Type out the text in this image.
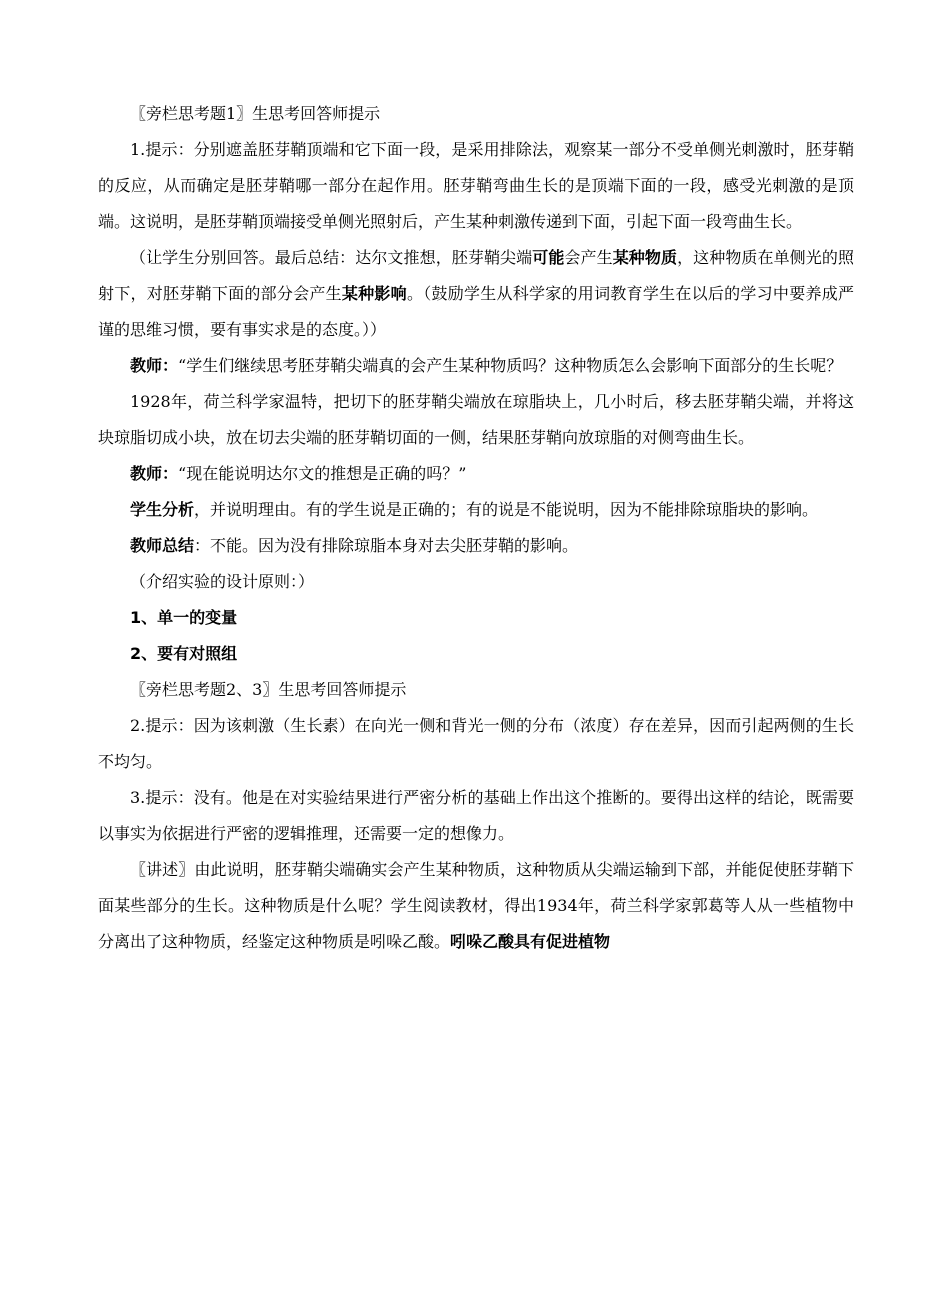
〖旁栏思考题1〗生思考回答师提示

1.提示：分别遮盖胚芽鞘顶端和它下面一段，是采用排除法，观察某一部分不受单侧光刺激时，胚芽鞘的反应，从而确定是胚芽鞘哪一部分在起作用。胚芽鞘弯曲生长的是顶端下面的一段，感受光刺激的是顶端。这说明，是胚芽鞘顶端接受单侧光照射后，产生某种刺激传递到下面，引起下面一段弯曲生长。

（让学生分别回答。最后总结：达尔文推想，胚芽鞘尖端可能会产生某种物质，这种物质在单侧光的照射下，对胚芽鞘下面的部分会产生某种影响。（鼓励学生从科学家的用词教育学生在以后的学习中要养成严谨的思维习惯，要有事实求是的态度。））

教师：“学生们继续思考胚芽鞘尖端真的会产生某种物质吗？这种物质怎么会影响下面部分的生长呢？

1928年，荷兰科学家温特，把切下的胚芽鞘尖端放在琼脂块上，几小时后，移去胚芽鞘尖端，并将这块琼脂切成小块，放在切去尖端的胚芽鞘切面的一侧，结果胚芽鞘向放琼脂的对侧弯曲生长。

教师：“现在能说明达尔文的推想是正确的吗？”

学生分析，并说明理由。有的学生说是正确的；有的说是不能说明，因为不能排除琼脂块的影响。

教师总结：不能。因为没有排除琼脂本身对去尖胚芽鞘的影响。

（介绍实验的设计原则：）

1、单一的变量

2、要有对照组

〖旁栏思考题2、3〗生思考回答师提示

2.提示：因为该刺激（生长素）在向光一侧和背光一侧的分布（浓度）存在差异，因而引起两侧的生长不均匀。

3.提示：没有。他是在对实验结果进行严密分析的基础上作出这个推断的。要得出这样的结论，既需要以事实为依据进行严密的逻辑推理，还需要一定的想像力。

〖讲述〗由此说明，胚芽鞘尖端确实会产生某种物质，这种物质从尖端运输到下部，并能促使胚芽鞘下面某些部分的生长。这种物质是什么呢？学生阅读教材，得出1934年，荷兰科学家郭葛等人从一些植物中分离出了这种物质，经鉴定这种物质是吲哚乙酸。吲哚乙酸具有促进植物
